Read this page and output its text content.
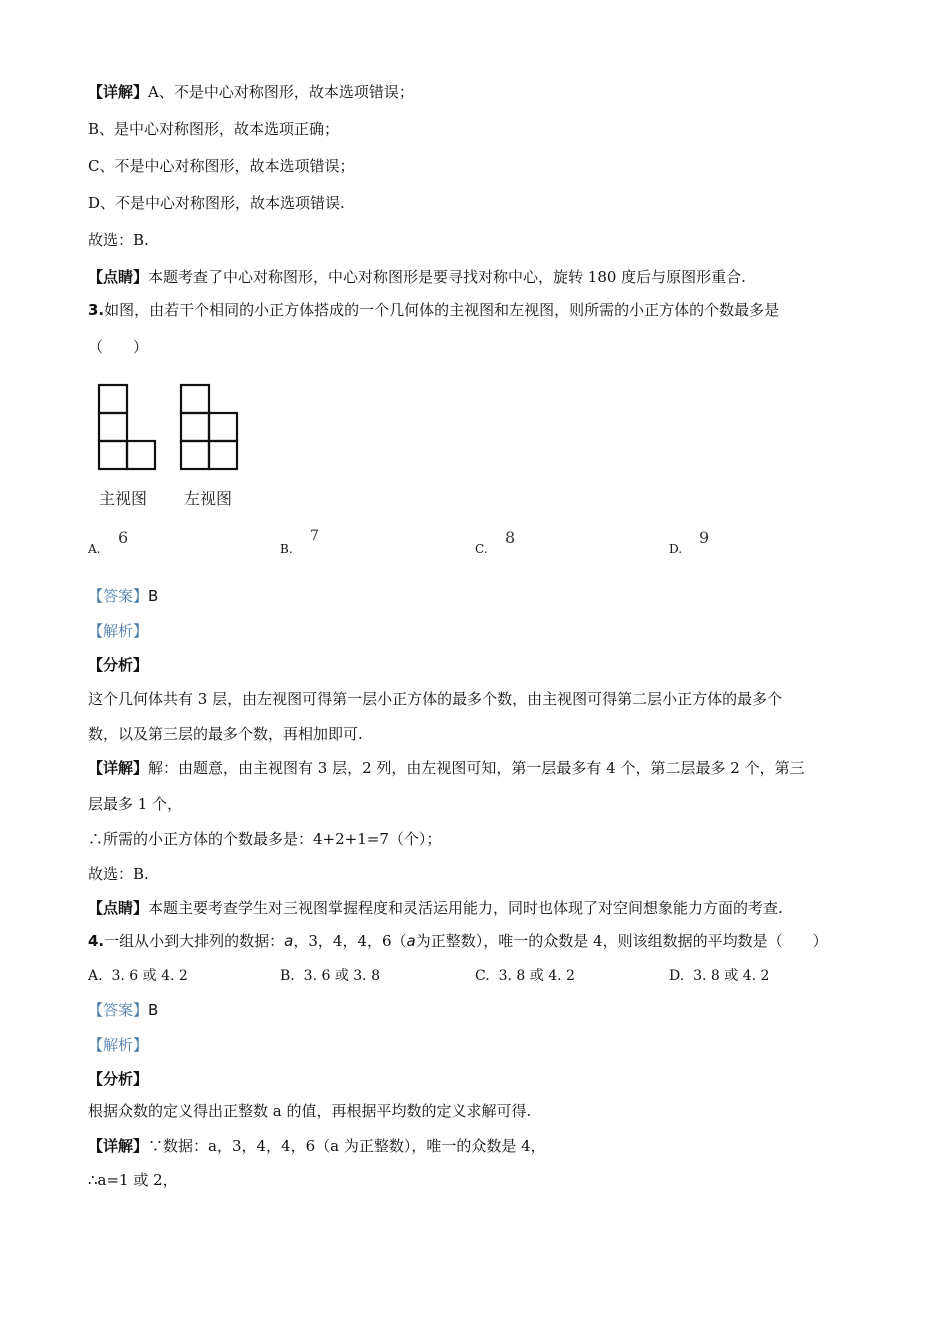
【详解】A、不是中心对称图形，故本选项错误；
B、是中心对称图形，故本选项正确；
C、不是中心对称图形，故本选项错误；
D、不是中心对称图形，故本选项错误.
故选：B.
【点睛】本题考查了中心对称图形，中心对称图形是要寻找对称中心，旋转 180 度后与原图形重合.
3.如图，由若干个相同的小正方体搭成的一个几何体的主视图和左视图，则所需的小正方体的个数最多是
（　　）
主视图 左视图
A.
6
B.
7
C.
8
D.
9
【答案】B
【解析】
【分析】
这个几何体共有 3 层，由左视图可得第一层小正方体的最多个数，由主视图可得第二层小正方体的最多个
数，以及第三层的最多个数，再相加即可.
【详解】解：由题意，由主视图有 3 层，2 列，由左视图可知，第一层最多有 4 个，第二层最多 2 个，第三
层最多 1 个，
∴所需的小正方体的个数最多是：4+2+1=7（个）；
故选：B.
【点睛】本题主要考查学生对三视图掌握程度和灵活运用能力，同时也体现了对空间想象能力方面的考查.
4.一组从小到大排列的数据：a，3，4，4，6（a为正整数），唯一的众数是 4，则该组数据的平均数是（　　）
A. 3. 6 或 4. 2	B. 3. 6 或 3. 8	C. 3. 8 或 4. 2	D. 3. 8 或 4. 2
【答案】B
【解析】
【分析】
根据众数的定义得出正整数 a 的值，再根据平均数的定义求解可得.
【详解】∵数据：a，3，4，4，6（a 为正整数），唯一的众数是 4，
∴a=1 或 2，
